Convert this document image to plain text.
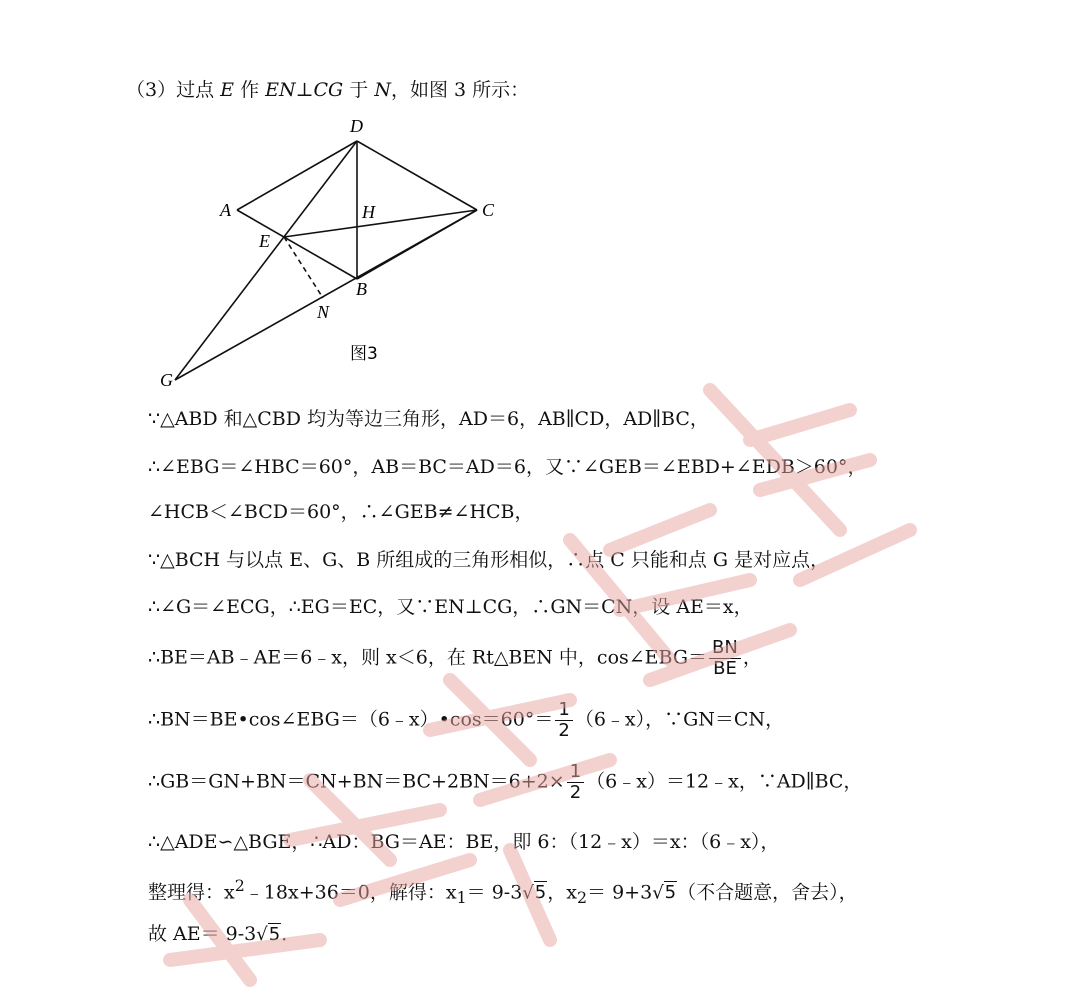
（3）过点 E 作 EN⊥CG 于 N，如图 3 所示：
D
A	C
H
E
B
N
G
图3
∵△ABD 和△CBD 均为等边三角形，AD＝6，AB∥CD，AD∥BC，
∴∠EBG＝∠HBC＝60°，AB＝BC＝AD＝6，又∵∠GEB＝∠EBD+∠EDB＞60°，
∠HCB＜∠BCD＝60°，∴∠GEB≠∠HCB，
∵△BCH 与以点 E、G、B 所组成的三角形相似，∴点 C 只能和点 G 是对应点，
∴∠G＝∠ECG，∴EG＝EC，又∵EN⊥CG，∴GN＝CN，设 AE＝x，
∴BE＝AB﹣AE＝6﹣x，则 x＜6，在 Rt△BEN 中，cos∠EBG＝ $\frac{BN}{BE}$ ，
∴BN＝BE•cos∠EBG＝（6﹣x）•cos＝60°＝ $\frac{1}{2}$ （6﹣x），∵GN＝CN，
∴GB＝GN+BN＝CN+BN＝BC+2BN＝6+2× $\frac{1}{2}$ （6﹣x）＝12﹣x，∵AD∥BC，
∴△ADE∽△BGE，∴AD：BG＝AE：BE，即 6：（12﹣x）＝x：（6﹣x），
整理得：$x^2﹣18x+36=0$，解得：$x_1= 9-3√5$，$x_2= 9+3√5$（不合题意，舍去），
故 AE＝ 9-3√5．
